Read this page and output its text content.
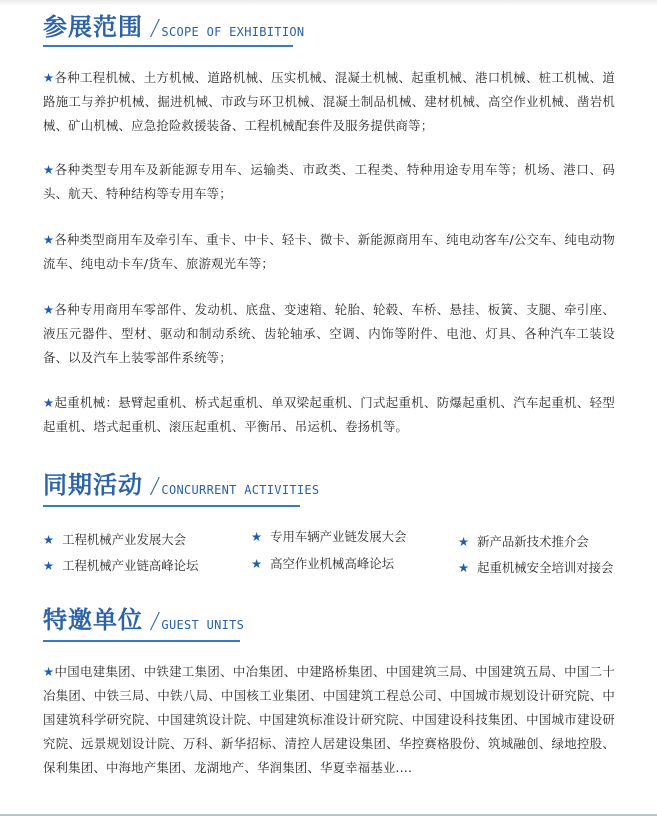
参展范围 / SCOPE OF EXHIBITION
★各种工程机械、土方机械、道路机械、压实机械、混凝土机械、起重机械、港口机械、桩工机械、道路施工与养护机械、掘进机械、市政与环卫机械、混凝土制品机械、建材机械、高空作业机械、凿岩机械、矿山机械、应急抢险救援装备、工程机械配套件及服务提供商等；
★各种类型专用车及新能源专用车、运输类、市政类、工程类、特种用途专用车等；机场、港口、码头、航天、特种结构等专用车等；
★各种类型商用车及牵引车、重卡、中卡、轻卡、微卡、新能源商用车、纯电动客车/公交车、纯电动物流车、纯电动卡车/货车、旅游观光车等；
★各种专用商用车零部件、发动机、底盘、变速箱、轮胎、轮毂、车桥、悬挂、板簧、支腿、牵引座、液压元器件、型材、驱动和制动系统、齿轮轴承、空调、内饰等附件、电池、灯具、各种汽车工装设备、以及汽车上装零部件系统等；
★起重机械：悬臂起重机、桥式起重机、单双梁起重机、门式起重机、防爆起重机、汽车起重机、轻型起重机、塔式起重机、滚压起重机、平衡吊、吊运机、卷扬机等。
同期活动 / CONCURRENT ACTIVITIES
★ 工程机械产业发展大会	★ 专用车辆产业链发展大会	★ 新产品新技术推介会
★ 工程机械产业链高峰论坛	★ 高空作业机械高峰论坛	★ 起重机械安全培训对接会
特邀单位 / GUEST UNITS
★中国电建集团、中铁建工集团、中冶集团、中建路桥集团、中国建筑三局、中国建筑五局、中国二十冶集团、中铁三局、中铁八局、中国核工业集团、中国建筑工程总公司、中国城市规划设计研究院、中国建筑科学研究院、中国建筑设计院、中国建筑标准设计研究院、中国建设科技集团、中国城市建设研究院、远景规划设计院、万科、新华招标、清控人居建设集团、华控赛格股份、筑城融创、绿地控股、保利集团、中海地产集团、龙湖地产、华润集团、华夏幸福基业....
